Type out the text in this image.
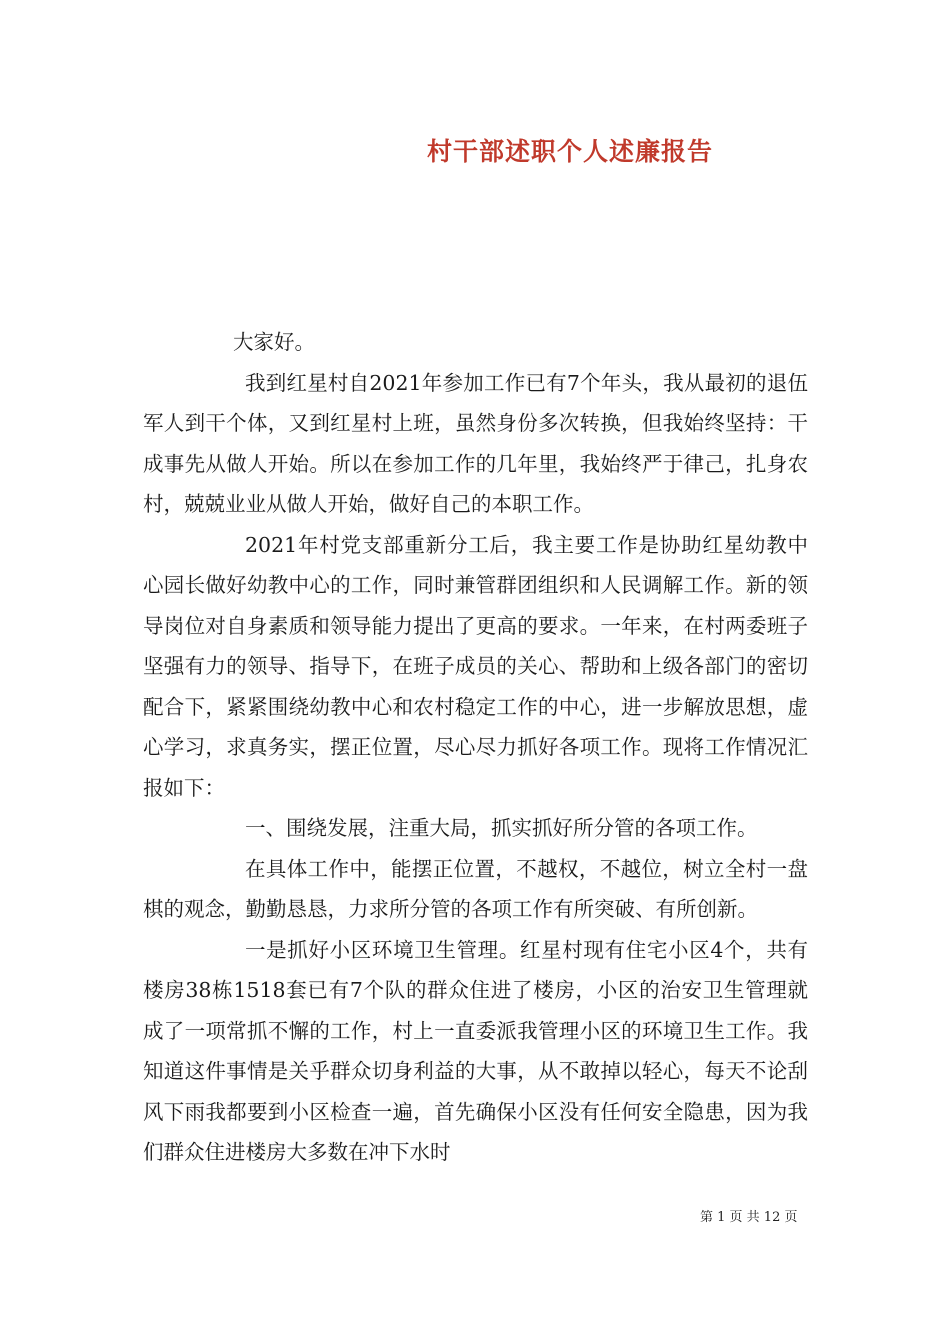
村干部述职个人述廉报告

大家好。

我到红星村自2021年参加工作已有7个年头，我从最初的退伍军人到干个体，又到红星村上班，虽然身份多次转换，但我始终坚持：干成事先从做人开始。所以在参加工作的几年里，我始终严于律己，扎身农村，兢兢业业从做人开始，做好自己的本职工作。

2021年村党支部重新分工后，我主要工作是协助红星幼教中心园长做好幼教中心的工作，同时兼管群团组织和人民调解工作。新的领导岗位对自身素质和领导能力提出了更高的要求。一年来，在村两委班子坚强有力的领导、指导下，在班子成员的关心、帮助和上级各部门的密切配合下，紧紧围绕幼教中心和农村稳定工作的中心，进一步解放思想，虚心学习，求真务实，摆正位置，尽心尽力抓好各项工作。现将工作情况汇报如下：

一、围绕发展，注重大局，抓实抓好所分管的各项工作。

在具体工作中，能摆正位置，不越权，不越位，树立全村一盘棋的观念，勤勤恳恳，力求所分管的各项工作有所突破、有所创新。

一是抓好小区环境卫生管理。红星村现有住宅小区4个，共有楼房38栋1518套已有7个队的群众住进了楼房，小区的治安卫生管理就成了一项常抓不懈的工作，村上一直委派我管理小区的环境卫生工作。我知道这件事情是关乎群众切身利益的大事，从不敢掉以轻心，每天不论刮风下雨我都要到小区检查一遍，首先确保小区没有任何安全隐患，因为我们群众住进楼房大多数在冲下水时

第 1 页 共 12 页
